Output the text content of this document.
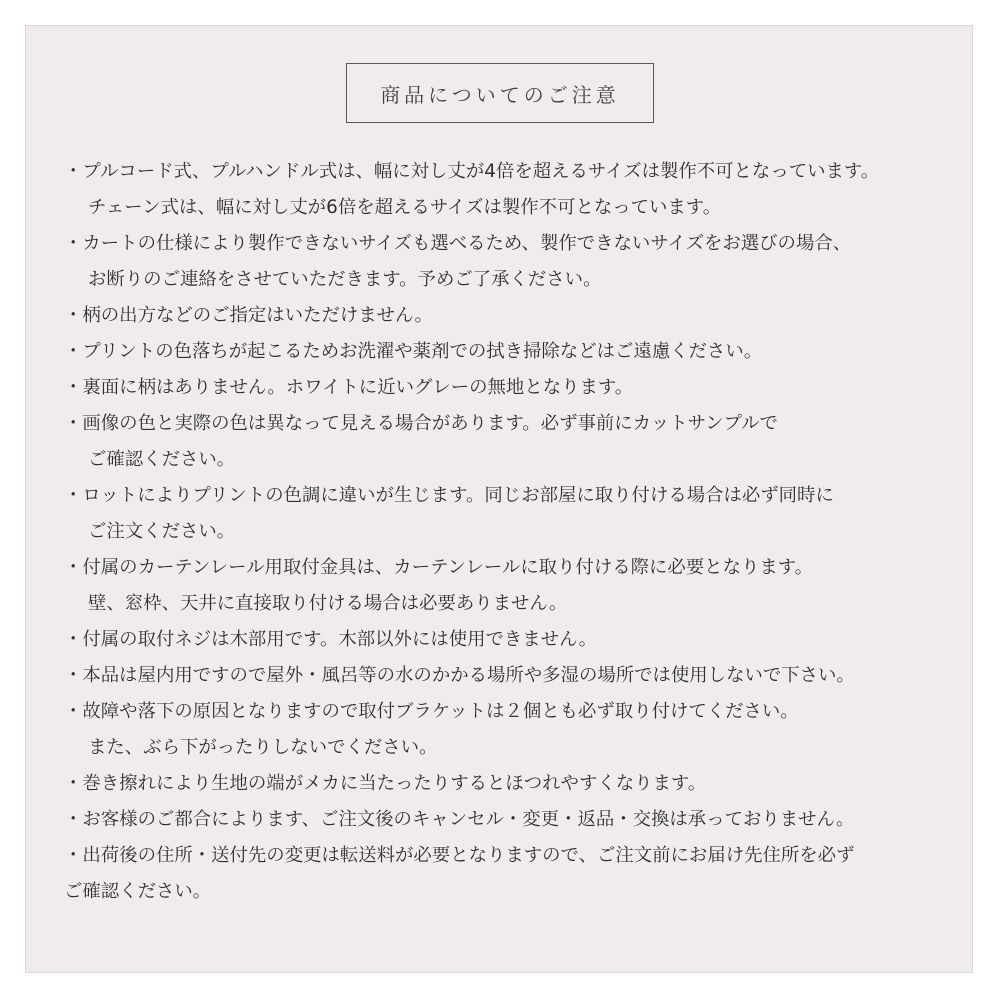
商品についてのご注意
・プルコード式、プルハンドル式は、幅に対し丈が4倍を超えるサイズは製作不可となっています。
チェーン式は、幅に対し丈が6倍を超えるサイズは製作不可となっています。
・カートの仕様により製作できないサイズも選べるため、製作できないサイズをお選びの場合、
お断りのご連絡をさせていただきます。予めご了承ください。
・柄の出方などのご指定はいただけません。
・プリントの色落ちが起こるためお洗濯や薬剤での拭き掃除などはご遠慮ください。
・裏面に柄はありません。ホワイトに近いグレーの無地となります。
・画像の色と実際の色は異なって見える場合があります。必ず事前にカットサンプルで
ご確認ください。
・ロットによりプリントの色調に違いが生じます。同じお部屋に取り付ける場合は必ず同時に
ご注文ください。
・付属のカーテンレール用取付金具は、カーテンレールに取り付ける際に必要となります。
壁、窓枠、天井に直接取り付ける場合は必要ありません。
・付属の取付ネジは木部用です。木部以外には使用できません。
・本品は屋内用ですので屋外・風呂等の水のかかる場所や多湿の場所では使用しないで下さい。
・故障や落下の原因となりますので取付ブラケットは２個とも必ず取り付けてください。
また、ぶら下がったりしないでください。
・巻き擦れにより生地の端がメカに当たったりするとほつれやすくなります。
・お客様のご都合によります、ご注文後のキャンセル・変更・返品・交換は承っておりません。
・出荷後の住所・送付先の変更は転送料が必要となりますので、ご注文前にお届け先住所を必ず
ご確認ください。
